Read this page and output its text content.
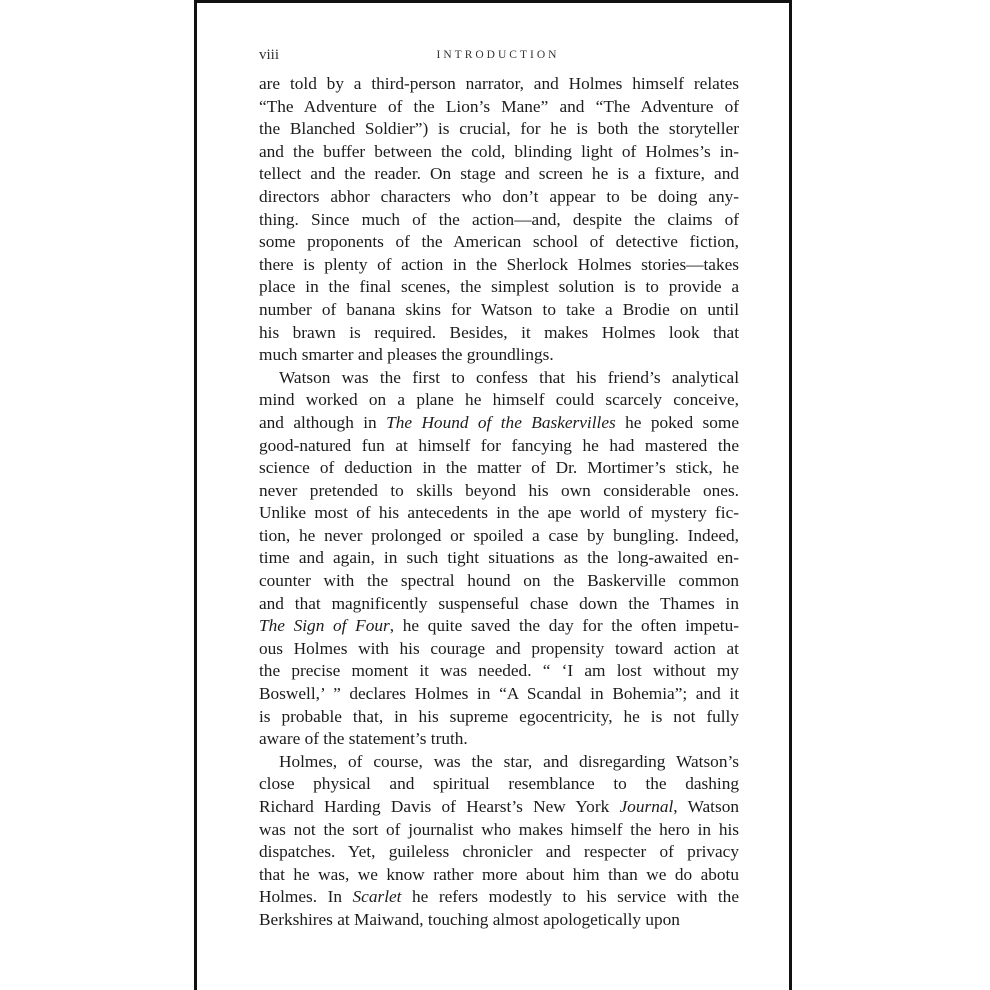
viii	INTRODUCTION
are told by a third-person narrator, and Holmes himself relates
“The Adventure of the Lion’s Mane” and “The Adventure of
the Blanched Soldier”) is crucial, for he is both the storyteller
and the buffer between the cold, blinding light of Holmes’s in-
tellect and the reader. On stage and screen he is a fixture, and
directors abhor characters who don’t appear to be doing any-
thing. Since much of the action—and, despite the claims of
some proponents of the American school of detective fiction,
there is plenty of action in the Sherlock Holmes stories—takes
place in the final scenes, the simplest solution is to provide a
number of banana skins for Watson to take a Brodie on until
his brawn is required. Besides, it makes Holmes look that
much smarter and pleases the groundlings.
Watson was the first to confess that his friend’s analytical
mind worked on a plane he himself could scarcely conceive,
and although in The Hound of the Baskervilles he poked some
good-natured fun at himself for fancying he had mastered the
science of deduction in the matter of Dr. Mortimer’s stick, he
never pretended to skills beyond his own considerable ones.
Unlike most of his antecedents in the ape world of mystery fic-
tion, he never prolonged or spoiled a case by bungling. Indeed,
time and again, in such tight situations as the long-awaited en-
counter with the spectral hound on the Baskerville common
and that magnificently suspenseful chase down the Thames in
The Sign of Four, he quite saved the day for the often impetu-
ous Holmes with his courage and propensity toward action at
the precise moment it was needed. “ ‘I am lost without my
Boswell,’ ” declares Holmes in “A Scandal in Bohemia”; and it
is probable that, in his supreme egocentricity, he is not fully
aware of the statement’s truth.
Holmes, of course, was the star, and disregarding Watson’s
close physical and spiritual resemblance to the dashing
Richard Harding Davis of Hearst’s New York Journal, Watson
was not the sort of journalist who makes himself the hero in his
dispatches. Yet, guileless chronicler and respecter of privacy
that he was, we know rather more about him than we do abotu
Holmes. In Scarlet he refers modestly to his service with the
Berkshires at Maiwand, touching almost apologetically upon
